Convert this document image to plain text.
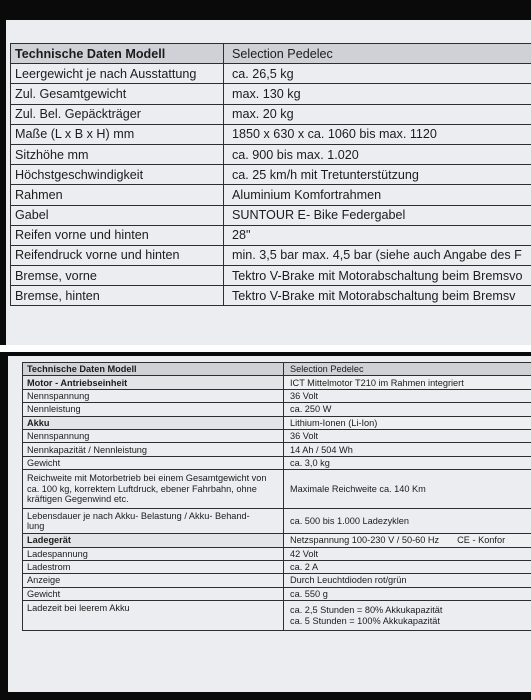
Technische Daten Modell	Selection Pedelec
Leergewicht je nach Ausstattung	ca. 26,5 kg
Zul. Gesamtgewicht	max. 130 kg
Zul. Bel. Gepäckträger	max. 20 kg
Maße (L x B x H) mm	1850 x 630 x ca. 1060 bis max. 1120
Sitzhöhe mm	ca. 900 bis max. 1.020
Höchstgeschwindigkeit	ca. 25 km/h mit Tretunterstützung
Rahmen	Aluminium Komfortrahmen
Gabel	SUNTOUR E- Bike Federgabel
Reifen vorne und hinten	28"
Reifendruck vorne und hinten	min. 3,5 bar max. 4,5 bar (siehe auch Angabe des F
Bremse, vorne	Tektro V-Brake mit Motorabschaltung beim Bremsvo
Bremse, hinten	Tektro V-Brake mit Motorabschaltung beim Bremsv
Technische Daten Modell	Selection Pedelec
Motor - Antriebseinheit	ICT Mittelmotor T210 im Rahmen integriert
Nennspannung	36 Volt
Nennleistung	ca. 250 W
Akku	Lithium-Ionen (Li-Ion)
Nennspannung	36 Volt
Nennkapazität / Nennleistung	14 Ah / 504 Wh
Gewicht	ca. 3,0 kg

Reichweite mit Motorbetrieb bei einem Gesamtgewicht von
ca. 100 kg, korrektem Luftdruck, ebener Fahrbahn, ohne
kräftigen Gegenwind etc.	Maximale Reichweite ca. 140 Km

Lebensdauer je nach Akku- Belastung / Akku- Behand-
lung	ca. 500 bis 1.000 Ladezyklen
Ladegerät	Netzspannung 100-230 V / 50-60 Hz CE - Konfor
Ladespannung	42 Volt
Ladestrom	ca. 2 A
Anzeige	Durch Leuchtdioden rot/grün
Gewicht	ca. 550 g
Ladezeit bei leerem Akku	ca. 2,5 Stunden = 80% Akkukapazität
ca. 5 Stunden = 100% Akkukapazität
